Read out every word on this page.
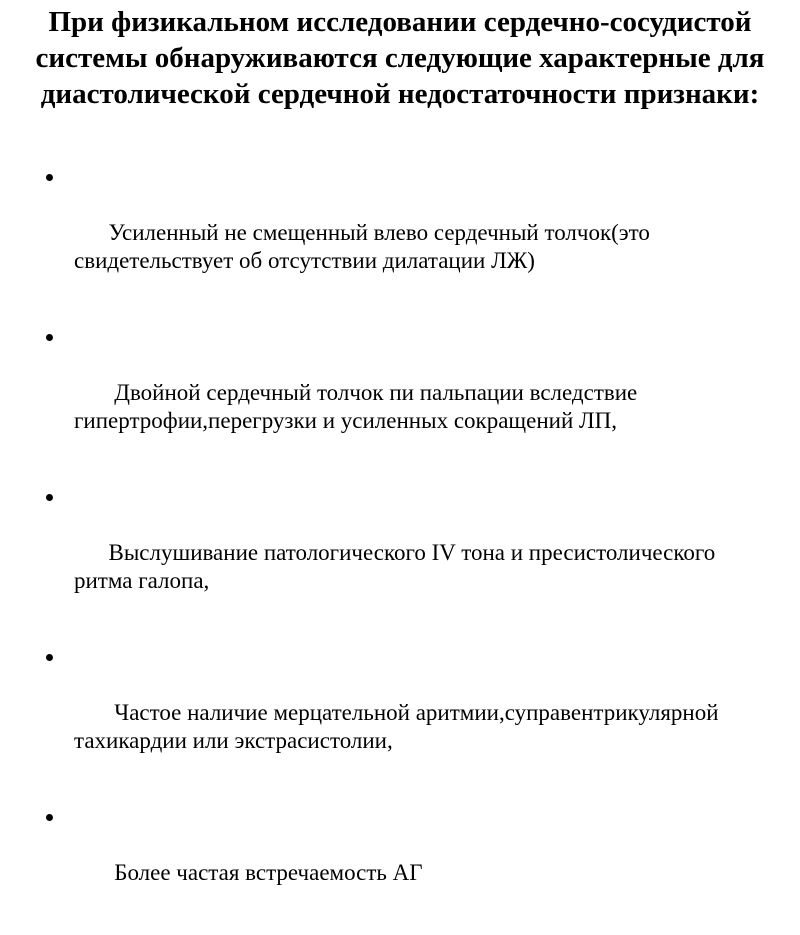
При физикальном исследовании сердечно-сосудистой системы обнаруживаются следующие характерные для диастолической сердечной недостаточности признаки:

Усиленный не смещенный влево сердечный толчок(это свидетельствует об отсутствии дилатации ЛЖ)

Двойной сердечный толчок пи пальпации вследствие гипертрофии,перегрузки и усиленных сокращений ЛП,

Выслушивание патологического IV тона и пресистолического ритма галопа,

Частое наличие мерцательной аритмии,суправентрикулярной тахикардии или экстрасистолии,

Более частая встречаемость АГ
